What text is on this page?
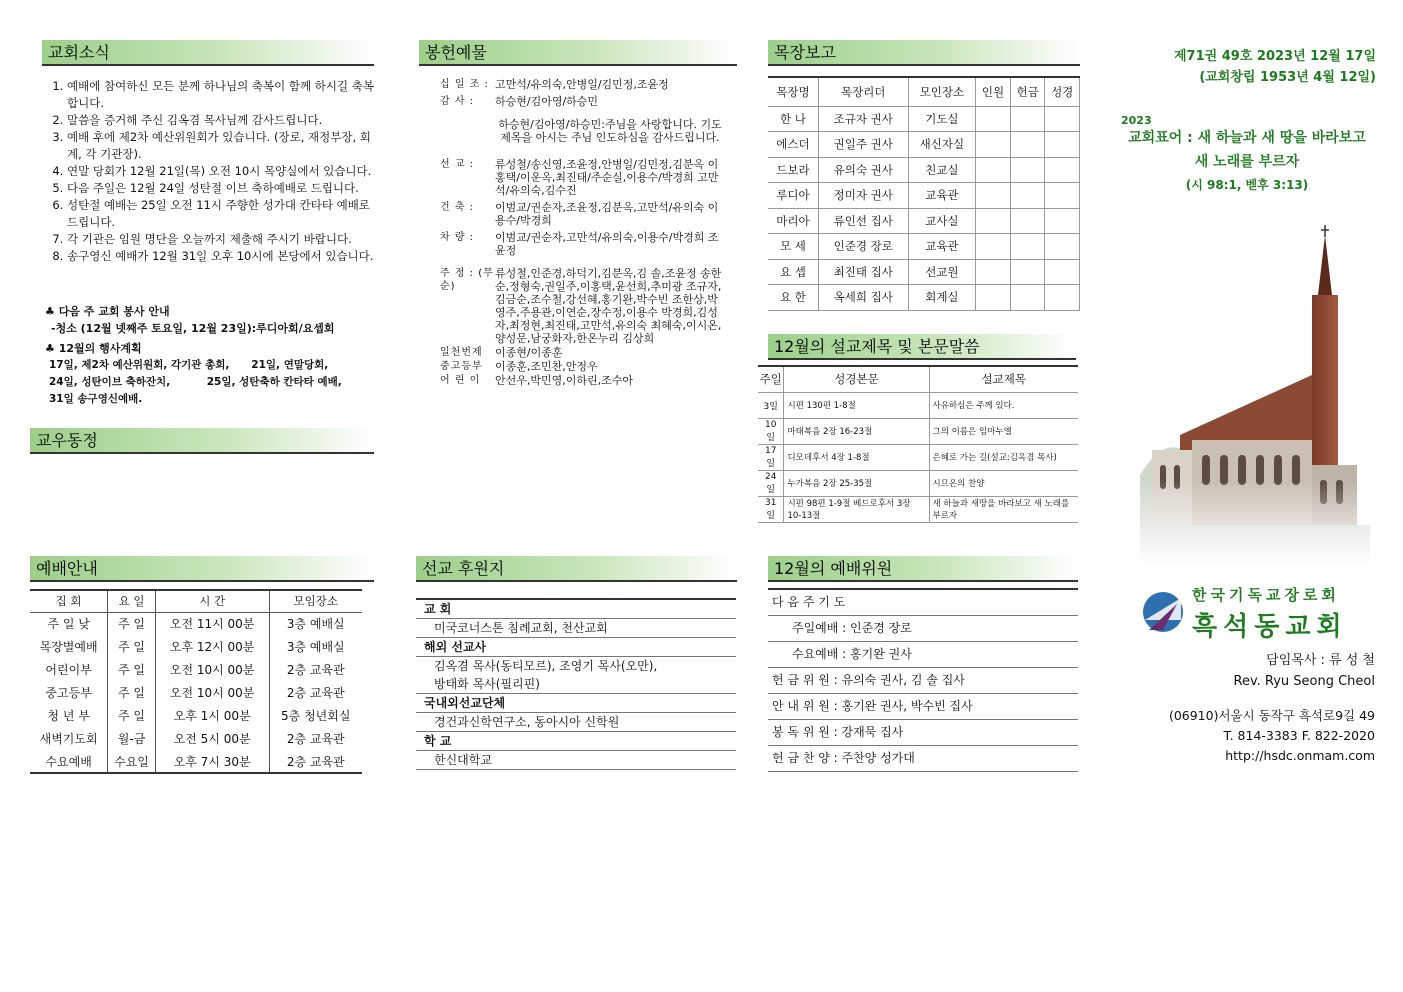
교회소식
1. 예배에 참여하신 모든 분께 하나님의 축복이 함께 하시길 축복합니다.
2. 말씀을 증거해 주신 김옥겸 목사님께 감사드립니다.
3. 예배 후에 제2차 예산위원회가 있습니다. (장로, 재정부장, 회계, 각 기관장).
4. 연말 당회가 12월 21일(목) 오전 10시 목양실에서 있습니다.
5. 다음 주일은 12월 24일 성탄절 이브 축하예배로 드립니다.
6. 성탄절 예배는 25일 오전 11시 주향한 성가대 칸타타 예배로 드립니다.
7. 각 기관은 임원 명단을 오늘까지 제출해 주시기 바랍니다.
8. 송구영신 예배가 12월 31일 오후 10시에 본당에서 있습니다.

♣ 다음 주 교회 봉사 안내

-청소 (12월 넷째주 토요일, 12월 23일):루디아회/요셉회

♣ 12월의 행사계획

17일, 제2차 예산위원회, 각기관 총회,      21일, 연말당회,
24일, 성탄이브 축하잔치,          25일, 성탄축하 칸타타 예배,
31일 송구영신예배.
교우동정
봉헌예물
십 일 조 : 고만석/유의숙,안병일/김민정,조윤정
감 사 :	하승현/김아영/하승민
하승현/김아영/하승민:주님을 사랑합니다. 기도제목을 아시는 주님 인도하심을 감사드립니다.
선 교 :	류성철/송신영,조윤정,안병일/김민정,김분옥 이홍택/이운옥,최진태/주순실,이용수/박경희 고만석/유의숙,김수진
건 축 :	이범교/권순자,조윤정,김분옥,고만석/유의숙 이용수/박경희
차 량 :	이범교/권순자,고만석/유의숙,이용수/박경희 조윤정
주 정 : (무 순)
류성철,인준경,하덕기,김분옥,김 솔,조윤정 송한순,정형숙,권일주,이홍택,윤선희,추미광 조규자,김금순,조수철,강선혜,홍기완,박수빈 조한상,박영주,주용관,이연순,장수정,이용수 박경희,김성자,최정현,최진태,고만석,유의숙 최혜숙,이시온,양성문,남궁화자,한온누리 김상희
일천번제	이종현/이종훈
중고등부	이종훈,조민찬,안정우
어 린 이	안선우,박민영,이하린,조수아
목장보고
목장명	목장리더	모인장소	인원	헌금	성경
한 나	조규자 권사	기도실			
에스더	권일주 권사	새신자실			
드보라	유의숙 권사	친교실			
루디아	정미자 권사	교육관			
마리아	류인선 집사	교사실			
모 세	인준경 장로	교육관			
요 셉	최진태 집사	선교원			
요 한	옥세희 집사	회계실			
12월의 설교제목 및 본문말씀
주일	성경본문	설교제목
3일	시편 130편 1-8절	사유하심은 주께 있다.
10일	마태복음 2장 16-23절	그의 이름은 임마누엘
17일	디모데후서 4장 1-8절	은혜로 가는 길(설교:김옥겸 목사)
24일	누가복음 2장 25-35절	시므온의 찬양
31일	시편 98편 1-9절 베드로후서 3장 10-13절	새 하늘과 새땅을 바라보고 새 노래를 부르자
제71권 49호 2023년 12월 17일
(교회창립 1953년 4월 12일)
2023
교회표어 : 새 하늘과 새 땅을 바라보고
새 노래를 부르자
(시 98:1, 벧후 3:13)
한국기독교장로회
흑석동교회
담임목사 : 류 성 철
Rev. Ryu Seong Cheol
(06910)서울시 동작구 흑석로9길 49
T. 814-3383 F. 822-2020
http://hsdc.onmam.com
예배안내
집 회	요 일	시 간	모임장소
주 일 낮	주 일	오전 11시 00분	3층 예배실
목장별예배	주 일	오후 12시 00분	3층 예배실
어린이부	주 일	오전 10시 00분	2층 교육관
중고등부	주 일	오전 10시 00분	2층 교육관
청 년 부	주 일	오후 1시 00분	5층 청년회실
새벽기도회	월-금	오전 5시 00분	2층 교육관
수요예배	수요일	오후 7시 30분	2층 교육관
선교 후원지

교 회

미국코너스톤 침례교회, 천산교회

해외 선교사

김옥겸 목사(동티모르), 조영기 목사(오만),

방태화 목사(필리핀)

국내외선교단체

경건과신학연구소, 동아시아 신학원

학 교

한신대학교

12월의 예배위원
다 음 주 기 도
주일예배 : 인준경 장로
수요예배 : 홍기완 권사
헌 금 위 원 : 유의숙 권사, 김 솔 집사
안 내 위 원 : 홍기완 권사, 박수빈 집사
봉 독 위 원 : 강재묵 집사
헌 금 찬 양 : 주찬양 성가대
